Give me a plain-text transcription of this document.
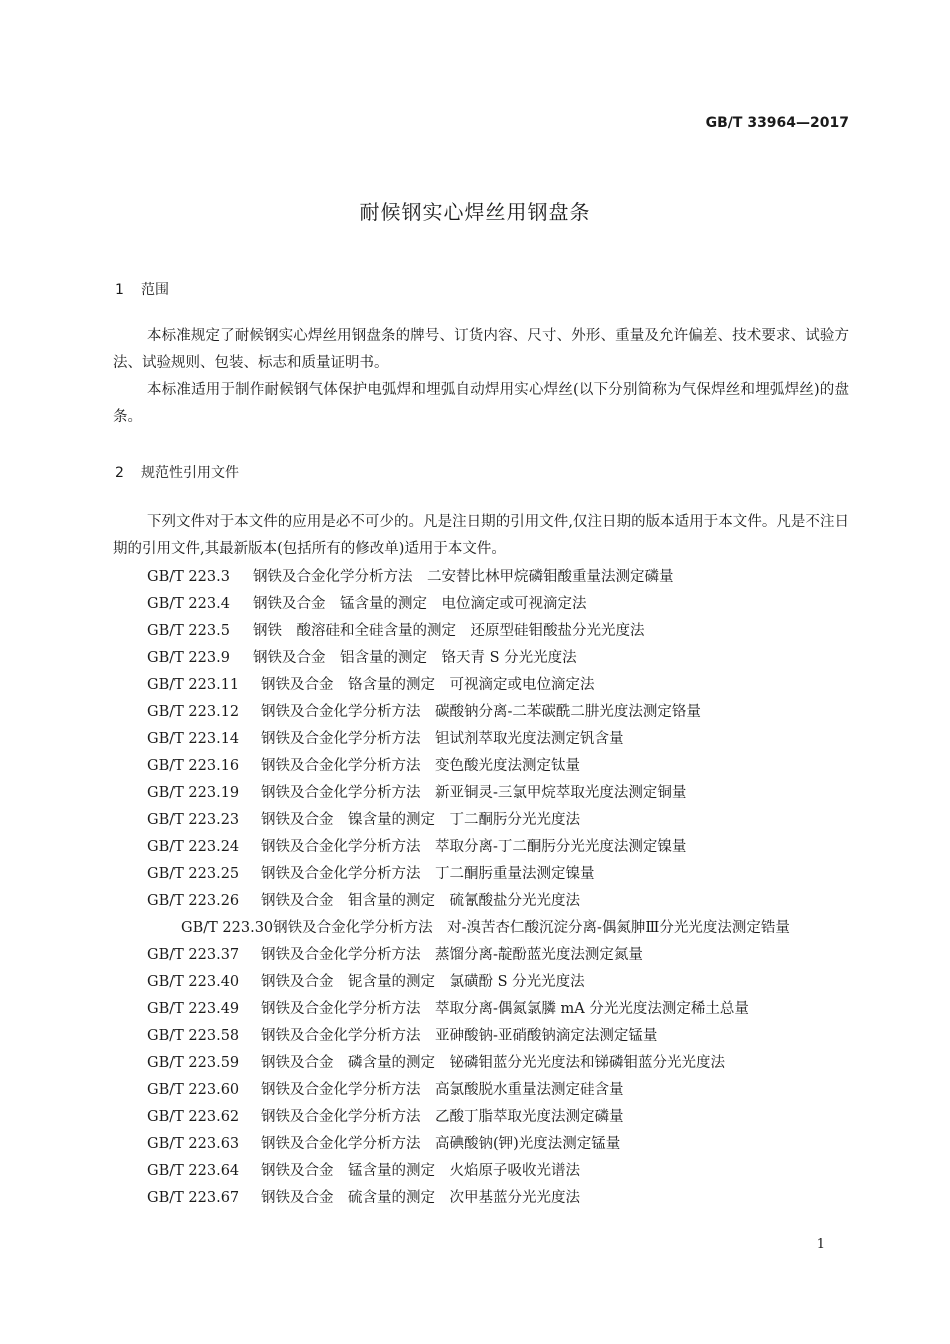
GB/T 33964—2017
耐候钢实心焊丝用钢盘条
1 范围
本标准规定了耐候钢实心焊丝用钢盘条的牌号、订货内容、尺寸、外形、重量及允许偏差、技术要求、试验方法、试验规则、包装、标志和质量证明书。
本标准适用于制作耐候钢气体保护电弧焊和埋弧自动焊用实心焊丝(以下分别简称为气保焊丝和埋弧焊丝)的盘条。
2 规范性引用文件
下列文件对于本文件的应用是必不可少的。凡是注日期的引用文件,仅注日期的版本适用于本文件。凡是不注日期的引用文件,其最新版本(包括所有的修改单)适用于本文件。
GB/T 223.3 钢铁及合金化学分析方法　二安替比林甲烷磷钼酸重量法测定磷量
GB/T 223.4 钢铁及合金　锰含量的测定　电位滴定或可视滴定法
GB/T 223.5 钢铁　酸溶硅和全硅含量的测定　还原型硅钼酸盐分光光度法
GB/T 223.9 钢铁及合金　铝含量的测定　铬天青 S 分光光度法
GB/T 223.11 钢铁及合金　铬含量的测定　可视滴定或电位滴定法
GB/T 223.12 钢铁及合金化学分析方法　碳酸钠分离-二苯碳酰二肼光度法测定铬量
GB/T 223.14 钢铁及合金化学分析方法　钽试剂萃取光度法测定钒含量
GB/T 223.16 钢铁及合金化学分析方法　变色酸光度法测定钛量
GB/T 223.19 钢铁及合金化学分析方法　新亚铜灵-三氯甲烷萃取光度法测定铜量
GB/T 223.23 钢铁及合金　镍含量的测定　丁二酮肟分光光度法
GB/T 223.24 钢铁及合金化学分析方法　萃取分离-丁二酮肟分光光度法测定镍量
GB/T 223.25 钢铁及合金化学分析方法　丁二酮肟重量法测定镍量
GB/T 223.26 钢铁及合金　钼含量的测定　硫氰酸盐分光光度法
GB/T 223.30钢铁及合金化学分析方法　对-溴苦杏仁酸沉淀分离-偶氮胂Ⅲ分光光度法测定锆量
GB/T 223.37 钢铁及合金化学分析方法　蒸馏分离-靛酚蓝光度法测定氮量
GB/T 223.40 钢铁及合金　铌含量的测定　氯磺酚 S 分光光度法
GB/T 223.49 钢铁及合金化学分析方法　萃取分离-偶氮氯膦 mA 分光光度法测定稀土总量
GB/T 223.58 钢铁及合金化学分析方法　亚砷酸钠-亚硝酸钠滴定法测定锰量
GB/T 223.59 钢铁及合金　磷含量的测定　铋磷钼蓝分光光度法和锑磷钼蓝分光光度法
GB/T 223.60 钢铁及合金化学分析方法　高氯酸脱水重量法测定硅含量
GB/T 223.62 钢铁及合金化学分析方法　乙酸丁脂萃取光度法测定磷量
GB/T 223.63 钢铁及合金化学分析方法　高碘酸钠(钾)光度法测定锰量
GB/T 223.64 钢铁及合金　锰含量的测定　火焰原子吸收光谱法
GB/T 223.67 钢铁及合金　硫含量的测定　次甲基蓝分光光度法
1
